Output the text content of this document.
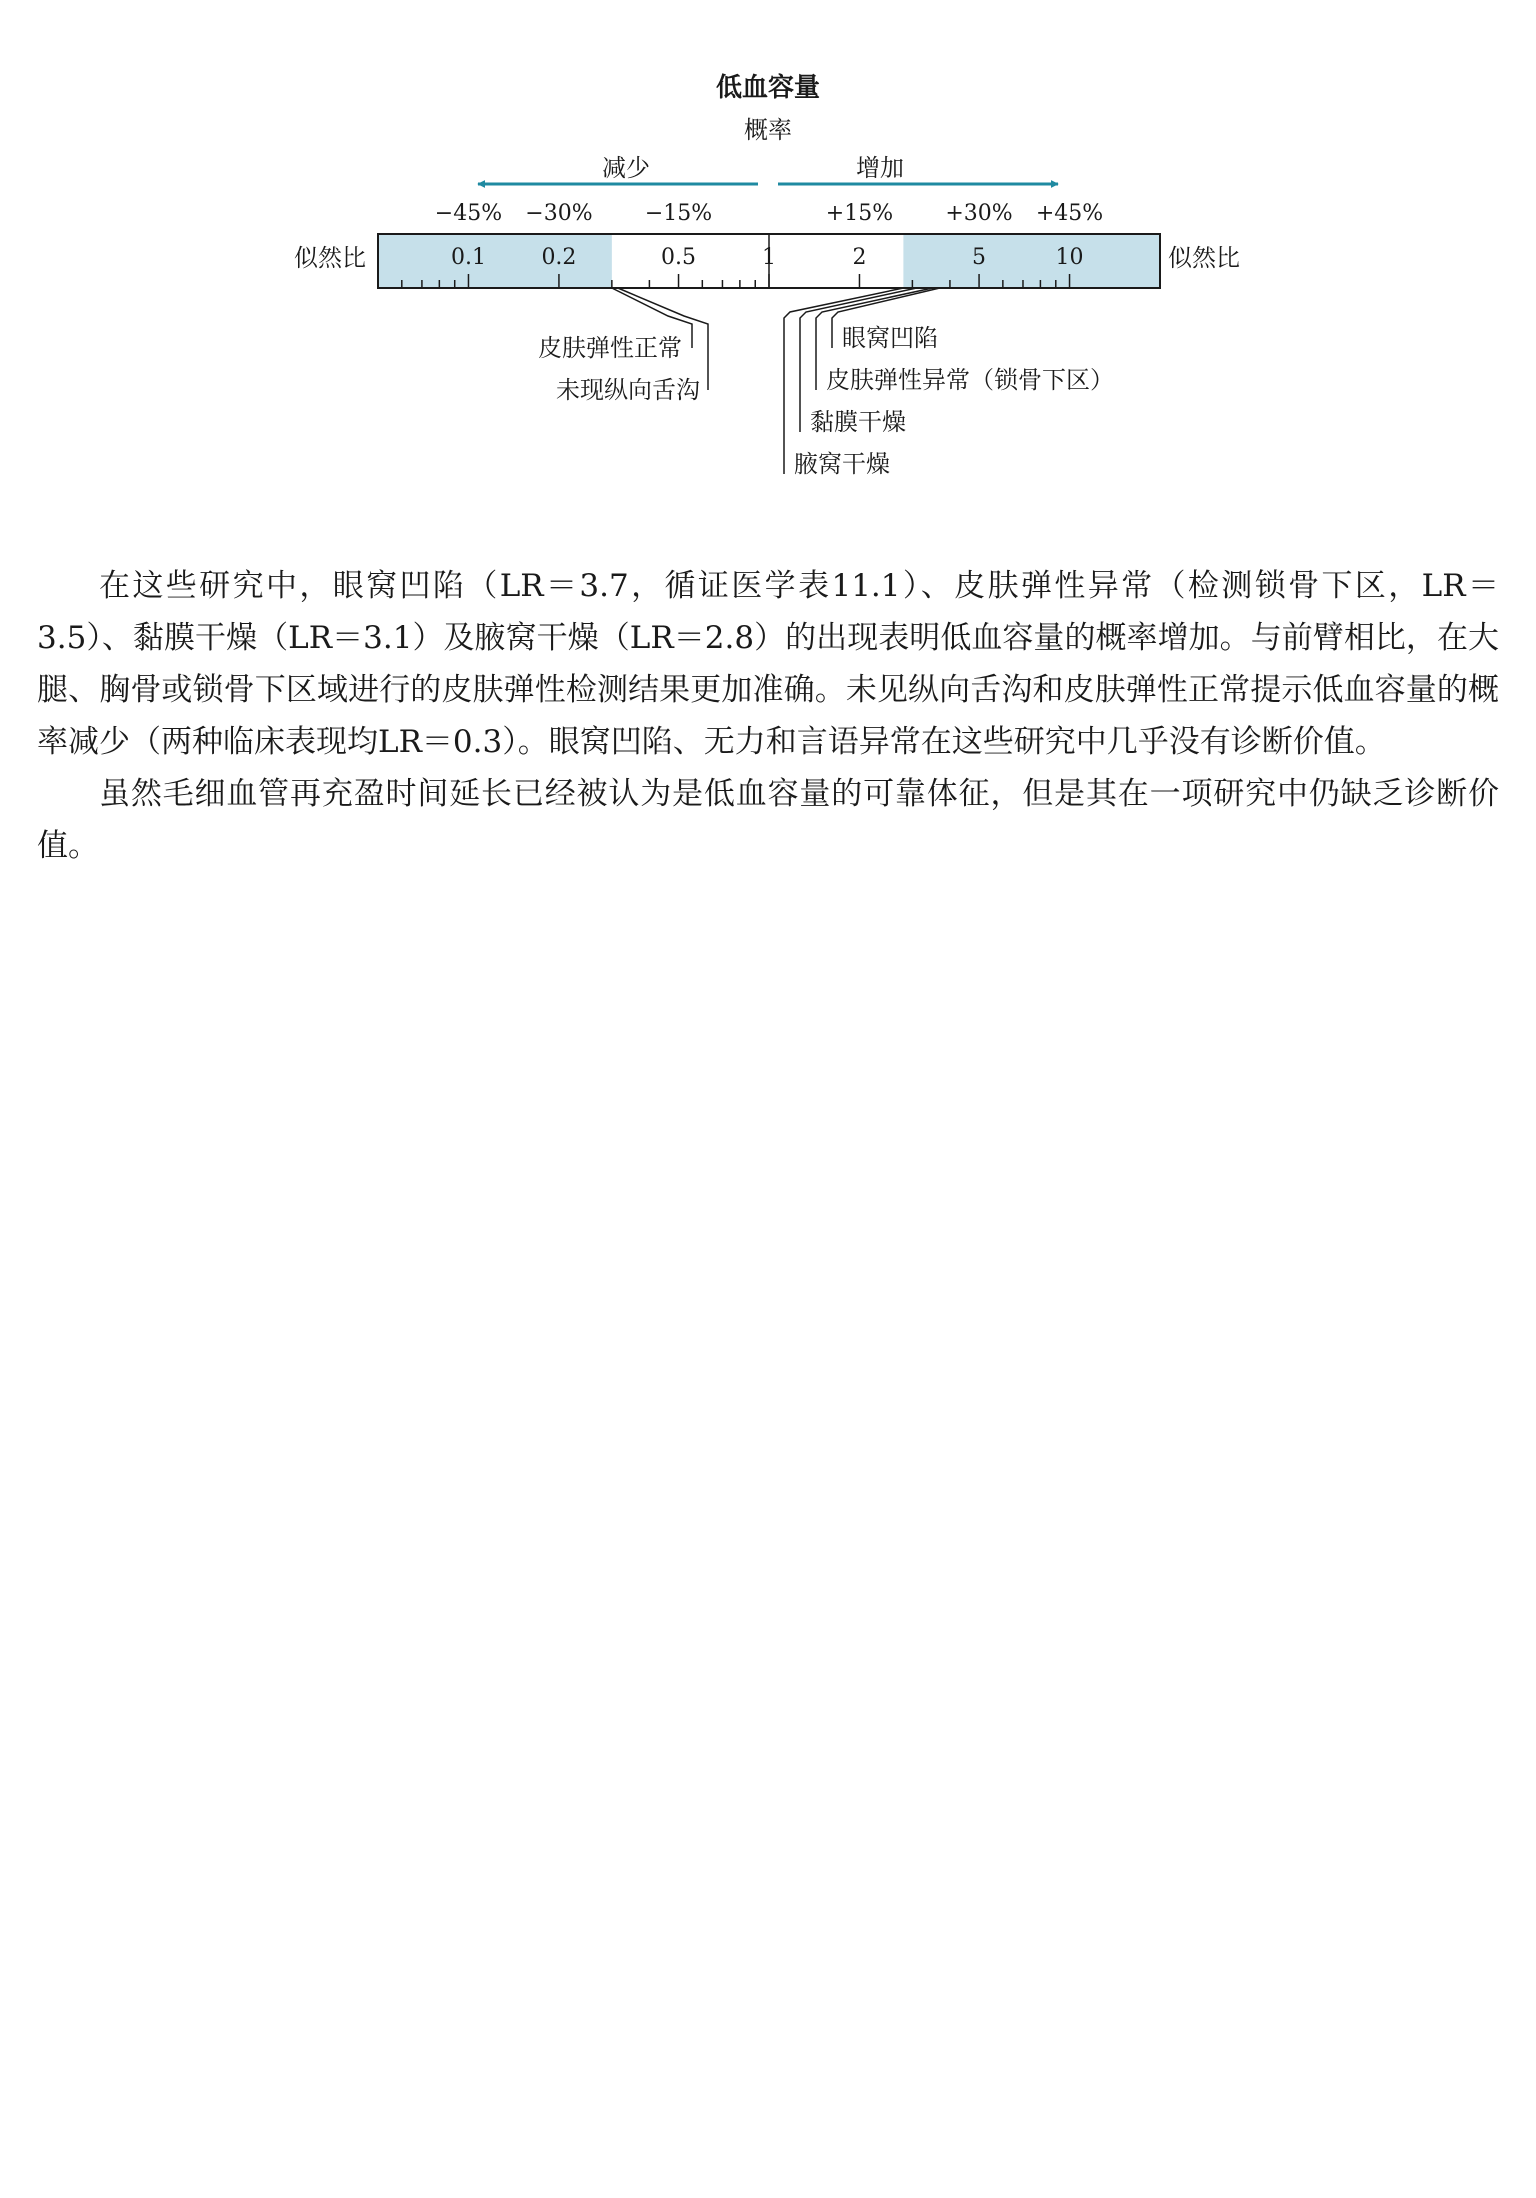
低血容量
概率
减少	增加
−45% −30% −15%	+15% +30% +45%
似然比	似然比
0.1	0.2	0.5	1	2	5	10
皮肤弹性正常
未现纵向舌沟
眼窝凹陷
皮肤弹性异常（锁骨下区）
黏膜干燥
腋窝干燥

在这些研究中，眼窝凹陷（LR＝3.7，循证医学表11.1）、皮肤弹性异常（检测锁骨下区，LR＝3.5）、黏膜干燥（LR＝3.1）及腋窝干燥（LR＝2.8）的出现表明低血容量的概率增加。与前臂相比，在大腿、胸骨或锁骨下区域进行的皮肤弹性检测结果更加准确。未见纵向舌沟和皮肤弹性正常提示低血容量的概率减少（两种临床表现均LR＝0.3）。眼窝凹陷、无力和言语异常在这些研究中几乎没有诊断价值。

虽然毛细血管再充盈时间延长已经被认为是低血容量的可靠体征，但是其在一项研究中仍缺乏诊断价值。
